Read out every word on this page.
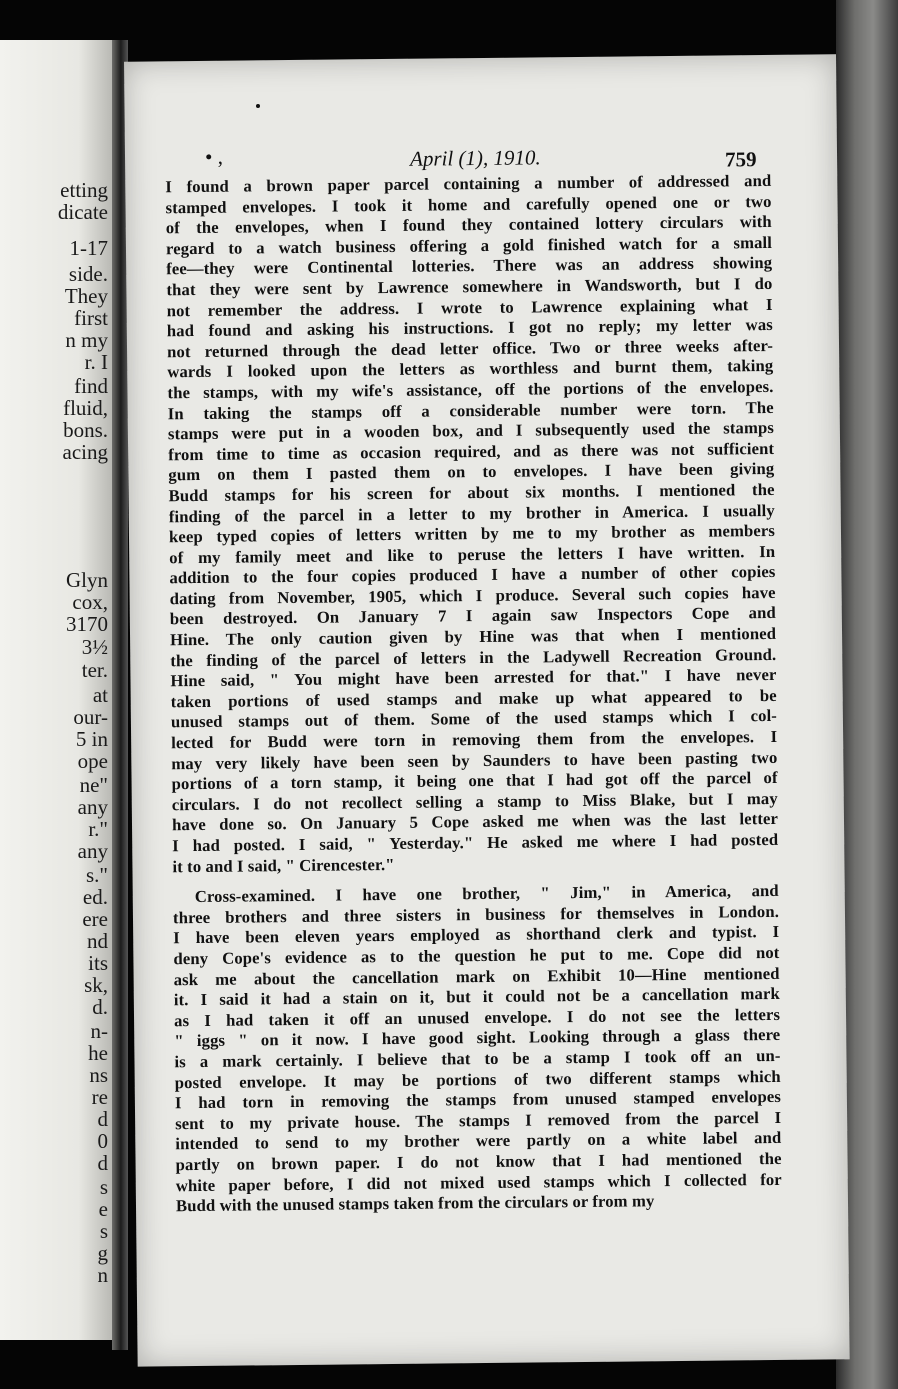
etting
dicate
1-17
side.
They
first
n my
r. I
find
fluid,
bons.
acing
Glyn
cox,
3170
3½
ter.
at
our-
5 in
ope
ne"
any
r."
any
s."
ed.
ere
nd
its
sk,
d.
n-
he
ns
re
d
0
d
s
e
s
g
n
• ,	April (1), 1910.	759
I found a brown paper parcel containing a number of addressed and
stamped envelopes. I took it home and carefully opened one or two
of the envelopes, when I found they contained lottery circulars with
regard to a watch business offering a gold finished watch for a small
fee—they were Continental lotteries. There was an address showing
that they were sent by Lawrence somewhere in Wandsworth, but I do
not remember the address. I wrote to Lawrence explaining what I
had found and asking his instructions. I got no reply; my letter was
not returned through the dead letter office. Two or three weeks after-
wards I looked upon the letters as worthless and burnt them, taking
the stamps, with my wife's assistance, off the portions of the envelopes.
In taking the stamps off a considerable number were torn. The
stamps were put in a wooden box, and I subsequently used the stamps
from time to time as occasion required, and as there was not sufficient
gum on them I pasted them on to envelopes. I have been giving
Budd stamps for his screen for about six months. I mentioned the
finding of the parcel in a letter to my brother in America. I usually
keep typed copies of letters written by me to my brother as members
of my family meet and like to peruse the letters I have written. In
addition to the four copies produced I have a number of other copies
dating from November, 1905, which I produce. Several such copies have
been destroyed. On January 7 I again saw Inspectors Cope and
Hine. The only caution given by Hine was that when I mentioned
the finding of the parcel of letters in the Ladywell Recreation Ground.
Hine said, " You might have been arrested for that." I have never
taken portions of used stamps and make up what appeared to be
unused stamps out of them. Some of the used stamps which I col-
lected for Budd were torn in removing them from the envelopes. I
may very likely have been seen by Saunders to have been pasting two
portions of a torn stamp, it being one that I had got off the parcel of
circulars. I do not recollect selling a stamp to Miss Blake, but I may
have done so. On January 5 Cope asked me when was the last letter
I had posted. I said, " Yesterday." He asked me where I had posted
it to and I said, " Cirencester."
Cross-examined. I have one brother, " Jim," in America, and
three brothers and three sisters in business for themselves in London.
I have been eleven years employed as shorthand clerk and typist. I
deny Cope's evidence as to the question he put to me. Cope did not
ask me about the cancellation mark on Exhibit 10—Hine mentioned
it. I said it had a stain on it, but it could not be a cancellation mark
as I had taken it off an unused envelope. I do not see the letters
" iggs " on it now. I have good sight. Looking through a glass there
is a mark certainly. I believe that to be a stamp I took off an un-
posted envelope. It may be portions of two different stamps which
I had torn in removing the stamps from unused stamped envelopes
sent to my private house. The stamps I removed from the parcel I
intended to send to my brother were partly on a white label and
partly on brown paper. I do not know that I had mentioned the
white paper before, I did not mixed used stamps which I collected for
Budd with the unused stamps taken from the circulars or from my
